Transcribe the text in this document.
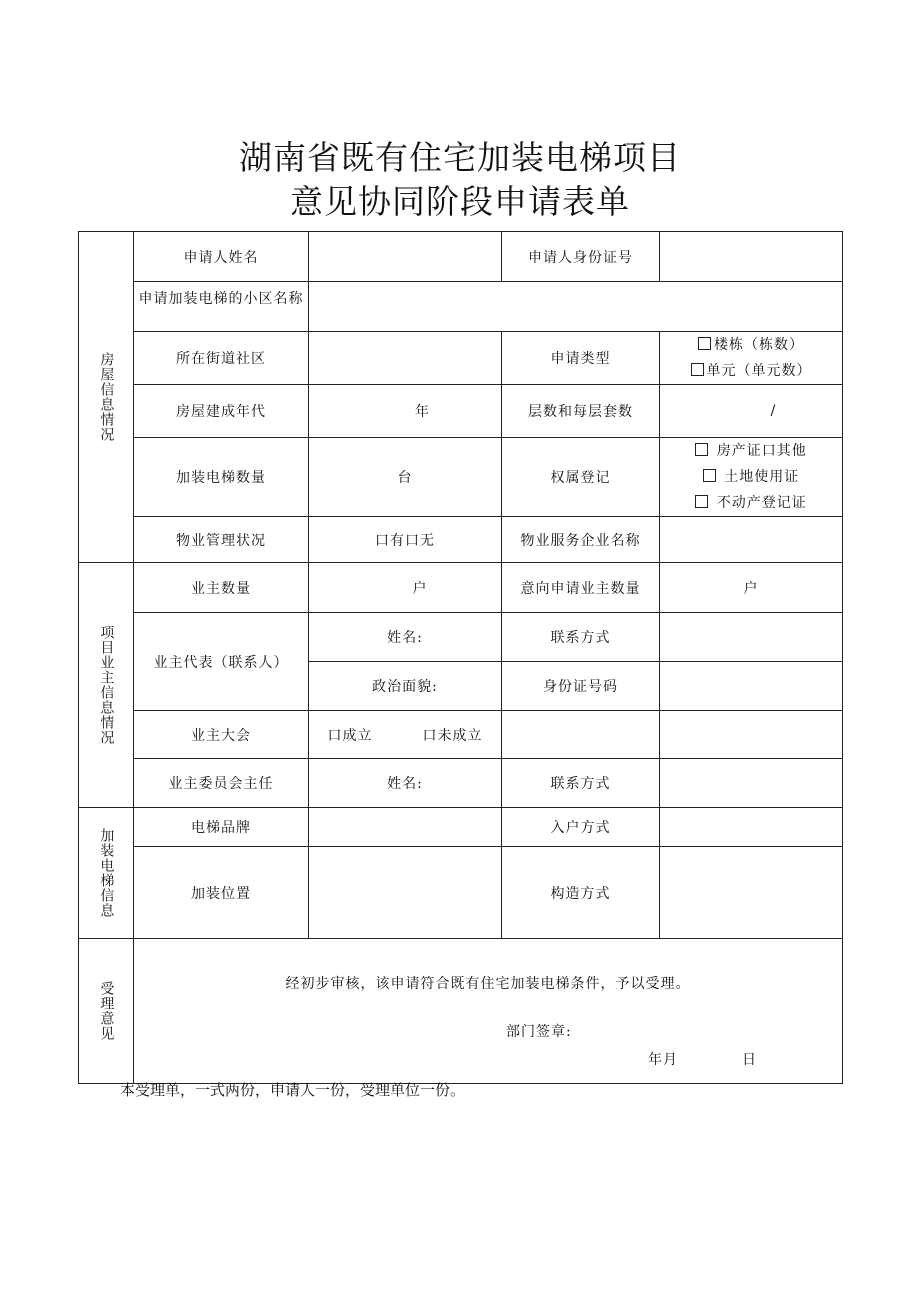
湖南省既有住宅加装电梯项目
意见协同阶段申请表单
房屋信息情况	申请人姓名		申请人身份证号	
	申请加装电梯的小区名称			
	所在街道社区		申请类型	楼栋（栋数）
单元（单元数）

	房屋建成年代	年	层数和每层套数	/
	加装电梯数量	台	权属登记	房产证口其他
土地使用证
不动产登记证

	物业管理状况	口有口无	物业服务企业名称	
项目业主信息情况	业主数量	户	意向申请业主数量	户
	业主代表（联系人）	姓名:	联系方式	
		政治面貌:	身份证号码	
	业主大会	口成立 口未成立		
	业主委员会主任	姓名:	联系方式	
加装电梯信息	电梯品牌		入户方式	
	加装位置		构造方式	
受理意见	经初步审核，该申请符合既有住宅加装电梯条件，予以受理。
部门签章:
年月 日			
本受理单，一式两份，申请人一份，受理单位一份。
